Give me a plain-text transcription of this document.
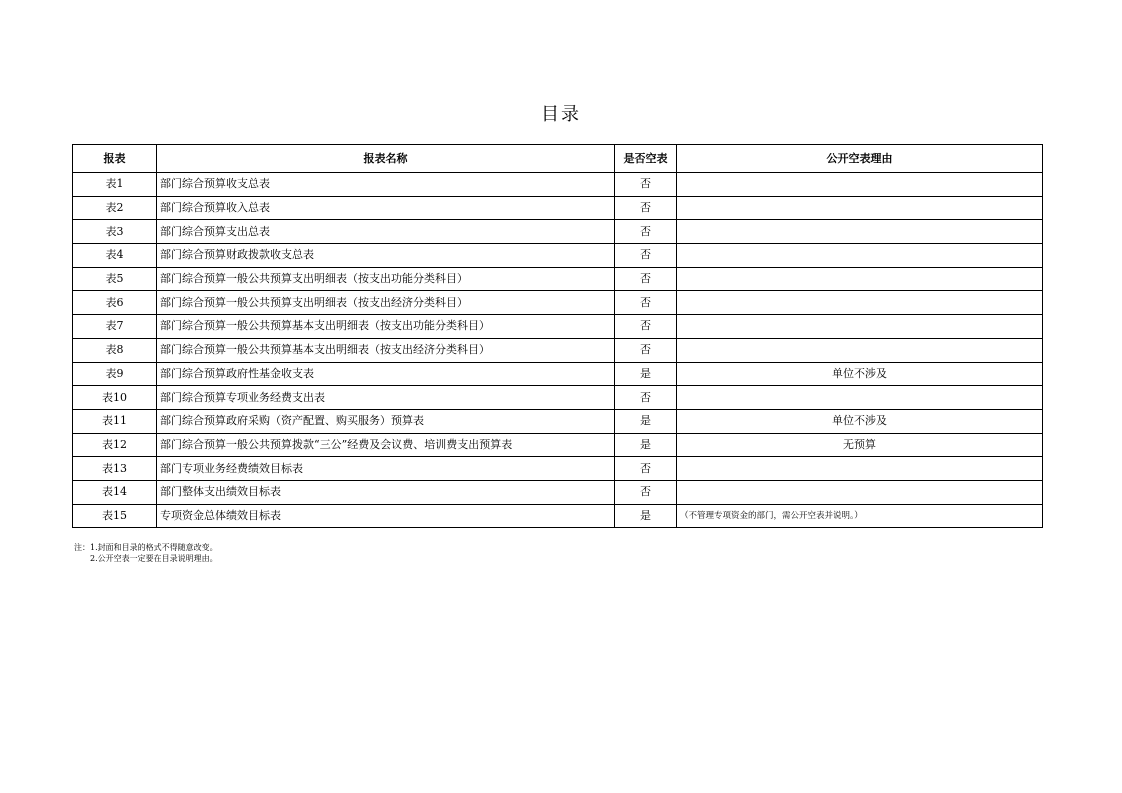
目录
报表	报表名称	是否空表	公开空表理由
表1	部门综合预算收支总表	否	
表2	部门综合预算收入总表	否	
表3	部门综合预算支出总表	否	
表4	部门综合预算财政拨款收支总表	否	
表5	部门综合预算一般公共预算支出明细表（按支出功能分类科目）	否	
表6	部门综合预算一般公共预算支出明细表（按支出经济分类科目）	否	
表7	部门综合预算一般公共预算基本支出明细表（按支出功能分类科目）	否	
表8	部门综合预算一般公共预算基本支出明细表（按支出经济分类科目）	否	
表9	部门综合预算政府性基金收支表	是	单位不涉及
表10	部门综合预算专项业务经费支出表	否	
表11	部门综合预算政府采购（资产配置、购买服务）预算表	是	单位不涉及
表12	部门综合预算一般公共预算拨款“三公”经费及会议费、培训费支出预算表	是	无预算
表13	部门专项业务经费绩效目标表	否	
表14	部门整体支出绩效目标表	否	
表15	专项资金总体绩效目标表	是	（不管理专项资金的部门，需公开空表并说明。）
注：1.封面和目录的格式不得随意改变。
2.公开空表一定要在目录说明理由。
